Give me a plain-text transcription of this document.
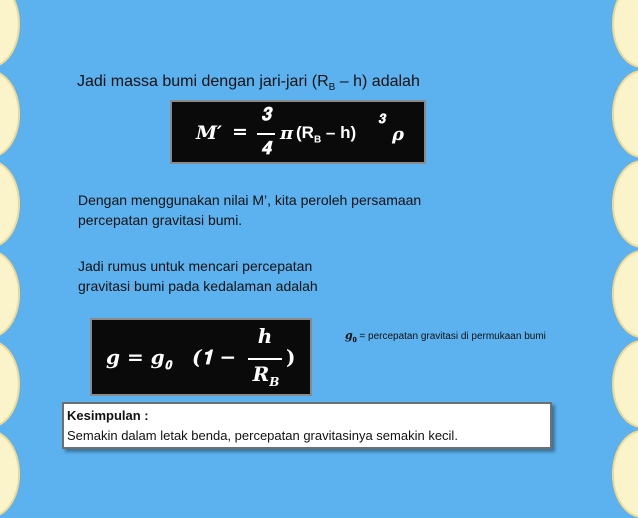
Jadi massa bumi dengan jari-jari $(R_B - h)$ adalah
𝑴′ =
𝟑
𝟒
𝝅 $(R_B - h)$
𝟑
𝝆
Dengan menggunakan nilai M’, kita peroleh persamaan
percepatan gravitasi bumi.
Jadi rumus untuk mencari percepatan
gravitasi bumi pada kedalaman adalah
𝒈 = 𝒈$_𝟎$ (𝟏 −
𝒉
𝑹$_𝑩$
)
𝒈$_𝟎$ = percepatan gravitasi di permukaan bumi
Kesimpulan :
Semakin dalam letak benda, percepatan gravitasinya semakin kecil.
